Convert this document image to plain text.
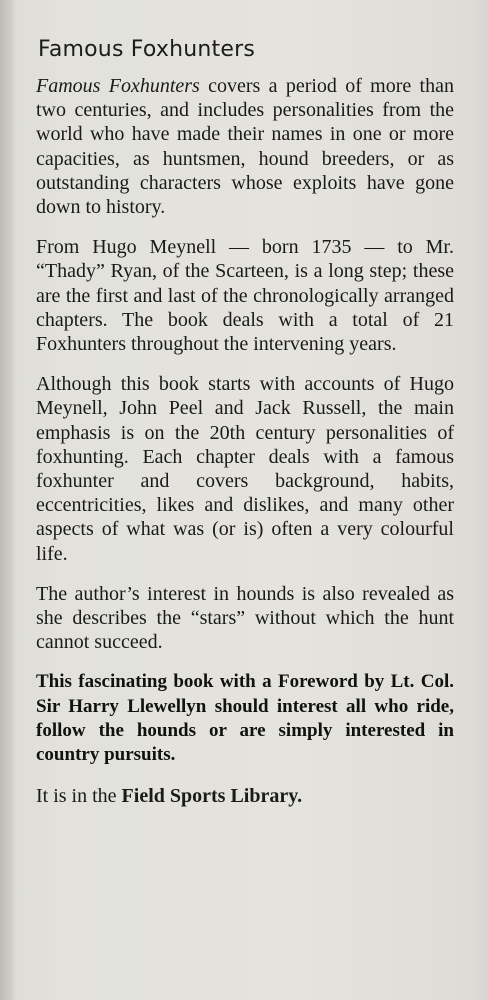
Famous Foxhunters

Famous Foxhunters covers a period of more than two centuries, and includes personalities from the world who have made their names in one or more capacities, as huntsmen, hound breeders, or as outstanding characters whose exploits have gone down to history.

From Hugo Meynell — born 1735 — to Mr. “Thady” Ryan, of the Scarteen, is a long step; these are the first and last of the chronologically arranged chapters. The book deals with a total of 21 Foxhunters throughout the intervening years.

Although this book starts with accounts of Hugo Meynell, John Peel and Jack Russell, the main emphasis is on the 20th century personalities of foxhunting. Each chapter deals with a famous foxhunter and covers background, habits, eccentricities, likes and dislikes, and many other aspects of what was (or is) often a very colourful life.

The author’s interest in hounds is also revealed as she describes the “stars” without which the hunt cannot succeed.

This fascinating book with a Foreword by Lt. Col. Sir Harry Llewellyn should interest all who ride, follow the hounds or are simply interested in country pursuits.

It is in the Field Sports Library.
